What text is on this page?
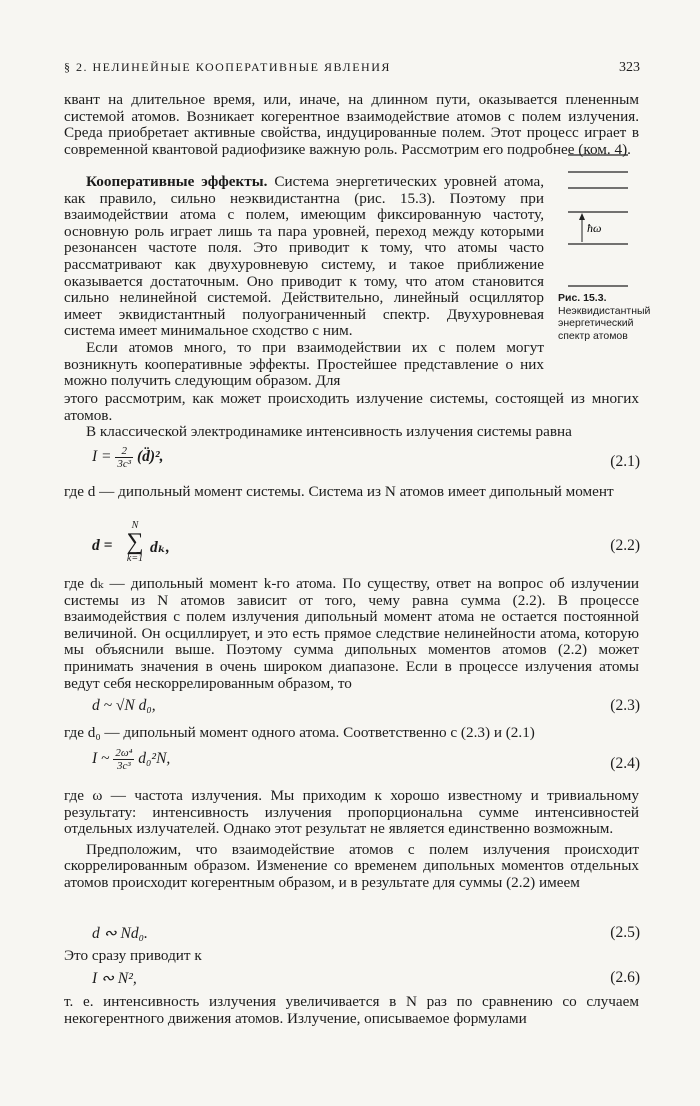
§ 2. НЕЛИНЕЙНЫЕ КООПЕРАТИВНЫЕ ЯВЛЕНИЯ	323

квант на длительное время, или, иначе, на длинном пути, оказывается плененным системой атомов. Возникает когерентное взаимодействие атомов с полем излучения. Среда приобретает активные свойства, индуцированные полем. Этот процесс играет в современной квантовой радиофизике важную роль. Рассмотрим его подробнее (ком. 4).

Кооперативные эффекты. Система энергетических уровней атома, как правило, сильно неэквидистантна (рис. 15.3). Поэтому при взаимодействии атома с полем, имеющим фиксированную частоту, основную роль играет лишь та пара уровней, переход между которыми резонансен частоте поля. Это приводит к тому, что атомы часто рассматривают как двухуровневую систему, и такое приближение оказывается достаточным. Оно приводит к тому, что атом становится сильно нелинейной системой. Действительно, линейный осциллятор имеет эквидистантный полуограниченный спектр. Двухуровневая система имеет минимальное сходство с ним.

Если атомов много, то при взаимодействии их с полем могут возникнуть кооперативные эффекты. Простейшее представление о них можно получить следующим образом. Для

этого рассмотрим, как может происходить излучение системы, состоящей из многих атомов.

В классической электродинамике интенсивность излучения системы равна

ħω
Рис. 15.3. Неэквидистантный энергетический спектр атомов
$I = \frac{2}{\text{3c³}}$ (d̈)²,	(2.1)

где d — дипольный момент системы. Система из N атомов имеет дипольный момент

d =
N
∑
k=1
dₖ,	(2.2)

где dₖ — дипольный момент k-го атома. По существу, ответ на вопрос об излучении системы из N атомов зависит от того, чему равна сумма (2.2). В процессе взаимодействия с полем излучения дипольный момент атома не остается постоянной величиной. Он осциллирует, и это есть прямое следствие нелинейности атома, которую мы объяснили выше. Поэтому сумма дипольных моментов атомов (2.2) может принимать значения в очень широком диапазоне. Если в процессе излучения атомы ведут себя нескоррелированным образом, то

d ~ √N d₀,	(2.3)

где d₀ — дипольный момент одного атома. Соответственно с (2.3) и (2.1)

I ~ $\frac{\text{2ω⁴}}{\text{3c³}} d_0^2N$,	(2.4)

где ω — частота излучения. Мы приходим к хорошо известному и тривиальному результату: интенсивность излучения пропорциональна сумме интенсивностей отдельных излучателей. Однако этот результат не является единственно возможным.

Предположим, что взаимодействие атомов с полем излучения происходит скоррелированным образом. Изменение со временем дипольных моментов отдельных атомов происходит когерентным образом, и в результате для суммы (2.2) имеем

d ∾ Nd₀.	(2.5)

Это сразу приводит к

I ∾ N²,	(2.6)

т. е. интенсивность излучения увеличивается в N раз по сравнению со случаем некогерентного движения атомов. Излучение, описываемое формулами
